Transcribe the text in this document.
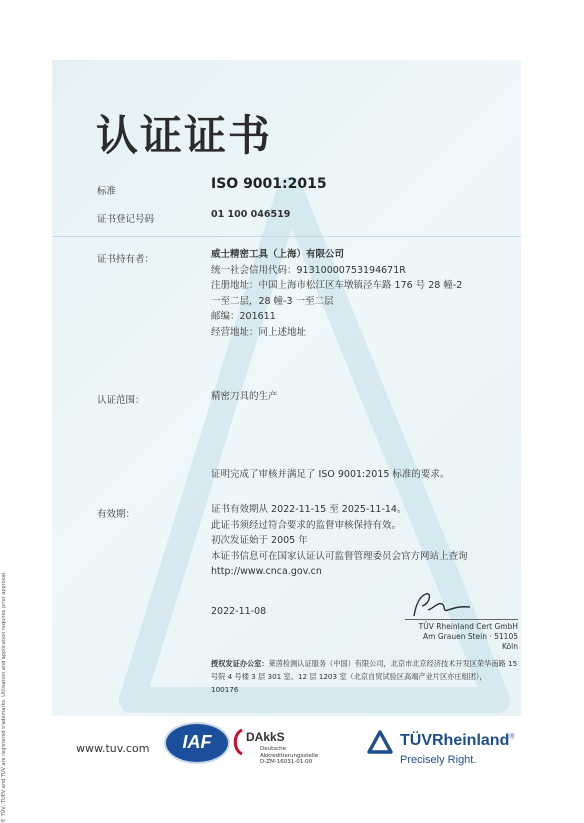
认证证书
标准	ISO 9001:2015
证书登记号码	01 100 046519
证书持有者：	威士精密工具（上海）有限公司
统一社会信用代码：91310000753194671R
注册地址：中国上海市松江区车墩镇泾车路 176 号 28 幢-2
一至二层，28 幢-3 一至二层
邮编：201611
经营地址：同上述地址
认证范围：	精密刀具的生产
证明完成了审核并满足了 ISO 9001:2015 标准的要求。
有效期：	证书有效期从 2022-11-15 至 2025-11-14。
此证书须经过符合要求的监督审核保持有效。
初次发证始于 2005 年
本证书信息可在国家认证认可监督管理委员会官方网站上查询
http://www.cnca.gov.cn
2022-11-08
TÜV Rheinland Cert GmbH
Am Grauen Stein · 51105 Köln
授权发证办公室：莱茵检测认证服务（中国）有限公司，北京市北京经济技术开发区荣华南路 15 号院 4 号楼 3 层 301 室、12 层 1203 室（北京自贸试验区高端产业片区亦庄组团），
100176
® TÜV, TUEV and TUV are registered trademarks. Utilisation and application requires prior approval.	www.tuv.com	IAF	DAkkS
Deutsche
Akkreditierungsstelle
D-ZM-16031-01-00
TÜVRheinland®
Precisely Right.
